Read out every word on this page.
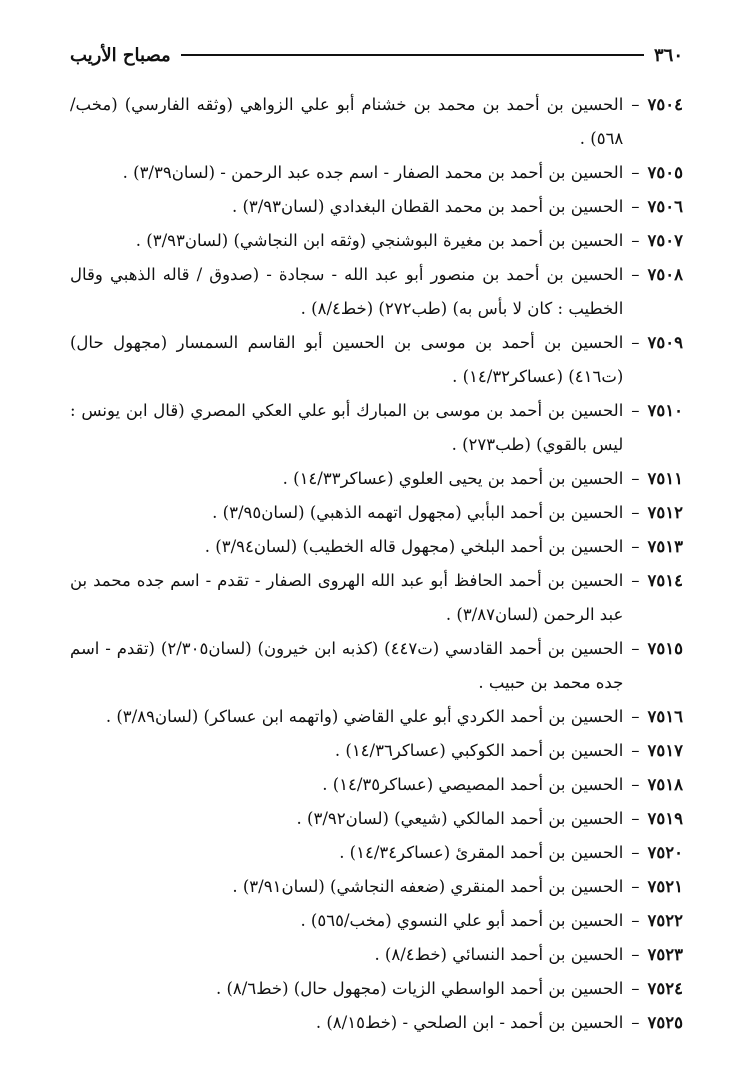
٣٦٠
مصباح الأريب
٧٥٠٤
–
الحسين بن أحمد بن محمد بن خشنام أبو علي الزواهي (وثقه الفارسي) (مخب/٥٦٨) .
٧٥٠٥
–
الحسين بن أحمد بن محمد الصفار - اسم جده عبد الرحمن - (لسان٣/٣٩) .
٧٥٠٦
–
الحسين بن أحمد بن محمد القطان البغدادي (لسان٣/٩٣) .
٧٥٠٧
–
الحسين بن أحمد بن مغيرة البوشنجي (وثقه ابن النجاشي) (لسان٣/٩٣) .
٧٥٠٨
–
الحسين بن أحمد بن منصور أبو عبد الله - سجادة - (صدوق / قاله الذهبي وقال الخطيب : كان لا بأس به) (طب٢٧٢) (خط٨/٤) .
٧٥٠٩
–
الحسين بن أحمد بن موسى بن الحسين أبو القاسم السمسار (مجهول حال) (ت٤١٦) (عساكر١٤/٣٢) .
٧٥١٠
–
الحسين بن أحمد بن موسى بن المبارك أبو علي العكي المصري (قال ابن يونس : ليس بالقوي) (طب٢٧٣) .
٧٥١١
–
الحسين بن أحمد بن يحيى العلوي (عساكر١٤/٣٣) .
٧٥١٢
–
الحسين بن أحمد البأبي (مجهول اتهمه الذهبي) (لسان٣/٩٥) .
٧٥١٣
–
الحسين بن أحمد البلخي (مجهول قاله الخطيب) (لسان٣/٩٤) .
٧٥١٤
–
الحسين بن أحمد الحافظ أبو عبد الله الهروى الصفار - تقدم - اسم جده محمد بن عبد الرحمن (لسان٣/٨٧) .
٧٥١٥
–
الحسين بن أحمد القادسي (ت٤٤٧) (كذبه ابن خيرون) (لسان٢/٣٠٥) (تقدم - اسم جده محمد بن حبيب .
٧٥١٦
–
الحسين بن أحمد الكردي أبو علي القاضي (واتهمه ابن عساكر) (لسان٣/٨٩) .
٧٥١٧
–
الحسين بن أحمد الكوكبي (عساكر١٤/٣٦) .
٧٥١٨
–
الحسين بن أحمد المصيصي (عساكر١٤/٣٥) .
٧٥١٩
–
الحسين بن أحمد المالكي (شيعي) (لسان٣/٩٢) .
٧٥٢٠
–
الحسين بن أحمد المقرئ (عساكر١٤/٣٤) .
٧٥٢١
–
الحسين بن أحمد المنقري (ضعفه النجاشي) (لسان٣/٩١) .
٧٥٢٢
–
الحسين بن أحمد أبو علي النسوي (مخب/٥٦٥) .
٧٥٢٣
–
الحسين بن أحمد النسائي (خط٨/٤) .
٧٥٢٤
–
الحسين بن أحمد الواسطي الزيات (مجهول حال) (خط٨/٦) .
٧٥٢٥
–
الحسين بن أحمد - ابن الصلحي - (خط٨/١٥) .
